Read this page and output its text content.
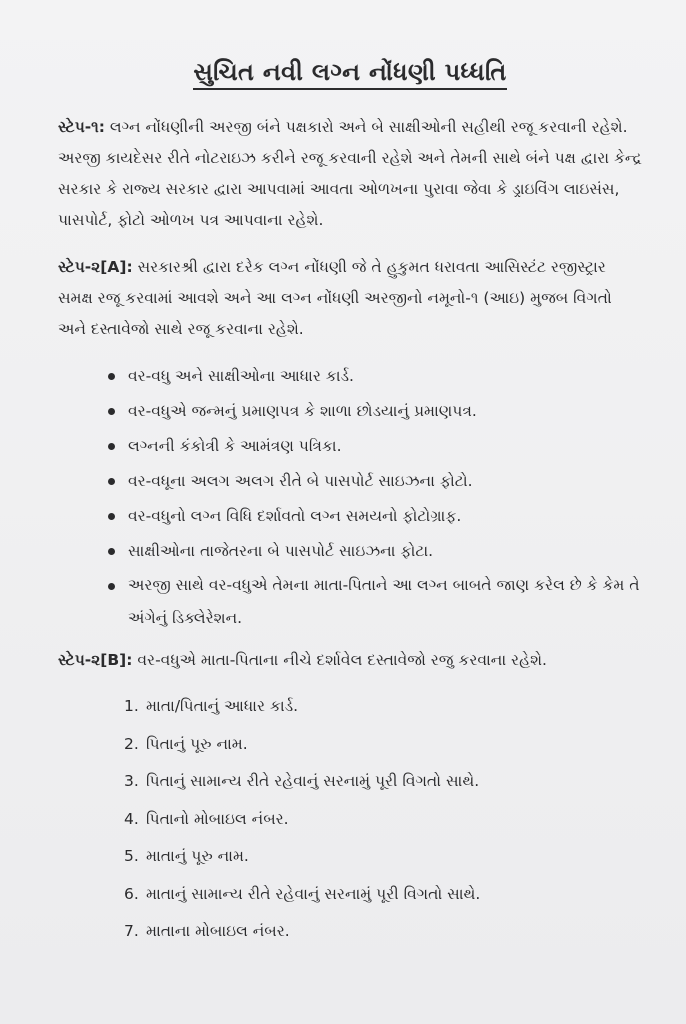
સુચિત નવી લગ્ન નોંધણી પધ્ધતિ

સ્ટેપ-૧: લગ્ન નોંધણીની અરજી બંને પક્ષકારો અને બે સાક્ષીઓની સહીથી રજૂ કરવાની રહેશે. અરજી કાયદેસર રીતે નોટરાઇઝ કરીને રજૂ કરવાની રહેશે અને તેમની સાથે બંને પક્ષ દ્વારા કેન્દ્ર સરકાર કે રાજ્ય સરકાર દ્વારા આપવામાં આવતા ઓળખના પુરાવા જેવા કે ડ્રાઇવિંગ લાઇસંસ, પાસપોર્ટ, ફોટો ઓળખ પત્ર આપવાના રહેશે.

સ્ટેપ-૨[A]: સરકારશ્રી દ્વારા દરેક લગ્ન નોંધણી જે તે હુકુમત ધરાવતા આસિસ્ટંટ રજીસ્ટ્રાર સમક્ષ રજૂ કરવામાં આવશે અને આ લગ્ન નોંધણી અરજીનો નમૂનો-૧ (આઇ) મુજબ વિગતો અને દસ્તાવેજો સાથે રજૂ કરવાના રહેશે.

વર-વધુ અને સાક્ષીઓના આધાર કાર્ડ.
વર-વધુએ જન્મનું પ્રમાણપત્ર કે શાળા છોડયાનું પ્રમાણપત્ર.
લગ્નની કંકોત્રી કે આમંત્રણ પત્રિકા.
વર-વધૂના અલગ અલગ રીતે બે પાસપોર્ટ સાઇઝના ફોટો.
વર-વધુનો લગ્ન વિધિ દર્શાવતો લગ્ન સમયનો ફોટોગ્રાફ.
સાક્ષીઓના તાજેતરના બે પાસપોર્ટ સાઇઝના ફોટા.
અરજી સાથે વર-વધુએ તેમના માતા-પિતાને આ લગ્ન બાબતે જાણ કરેલ છે કે કેમ તે અંગેનું ડિક્લેરેશન.

સ્ટેપ-૨[B]: વર-વધુએ માતા-પિતાના નીચે દર્શાવેલ દસ્તાવેજો રજુ કરવાના રહેશે.

1. માતા/પિતાનું આધાર કાર્ડ.
2. પિતાનું પૂરુ નામ.
3. પિતાનું સામાન્ય રીતે રહેવાનું સરનામું પૂરી વિગતો સાથે.
4. પિતાનો મોબાઇલ નંબર.
5. માતાનું પૂરુ નામ.
6. માતાનું સામાન્ય રીતે રહેવાનું સરનામું પૂરી વિગતો સાથે.
7. માતાના મોબાઇલ નંબર.
